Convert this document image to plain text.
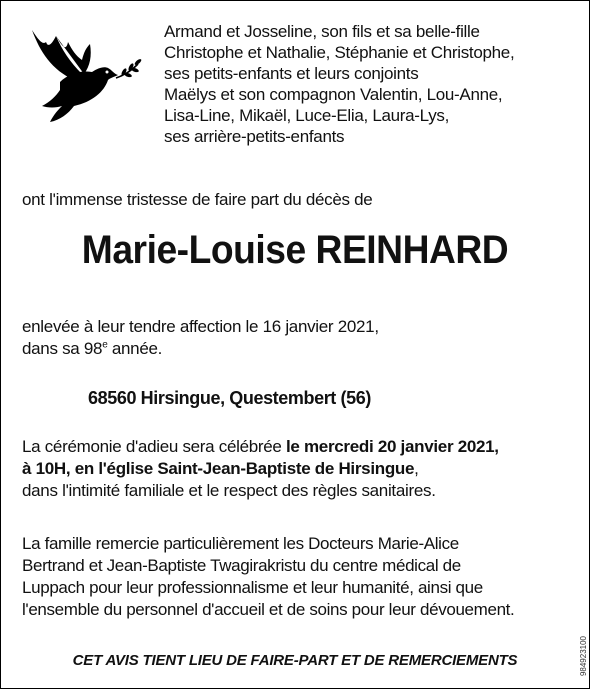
Armand et Josseline, son fils et sa belle-fille
Christophe et Nathalie, Stéphanie et Christophe,
ses petits-enfants et leurs conjoints
Maëlys et son compagnon Valentin, Lou-Anne,
Lisa-Line, Mikaël, Luce-Elia, Laura-Lys,
ses arrière-petits-enfants
ont l'immense tristesse de faire part du décès de
Marie-Louise REINHARD
enlevée à leur tendre affection le 16 janvier 2021,
dans sa 98e année.
68560 Hirsingue, Questembert (56)
La cérémonie d'adieu sera célébrée le mercredi 20 janvier 2021,
à 10H, en l'église Saint-Jean-Baptiste de Hirsingue,
dans l'intimité familiale et le respect des règles sanitaires.
La famille remercie particulièrement les Docteurs Marie-Alice
Bertrand et Jean-Baptiste Twagirakristu du centre médical de
Luppach pour leur professionnalisme et leur humanité, ainsi que
l'ensemble du personnel d'accueil et de soins pour leur dévouement.
CET AVIS TIENT LIEU DE FAIRE-PART ET DE REMERCIEMENTS	984923100
